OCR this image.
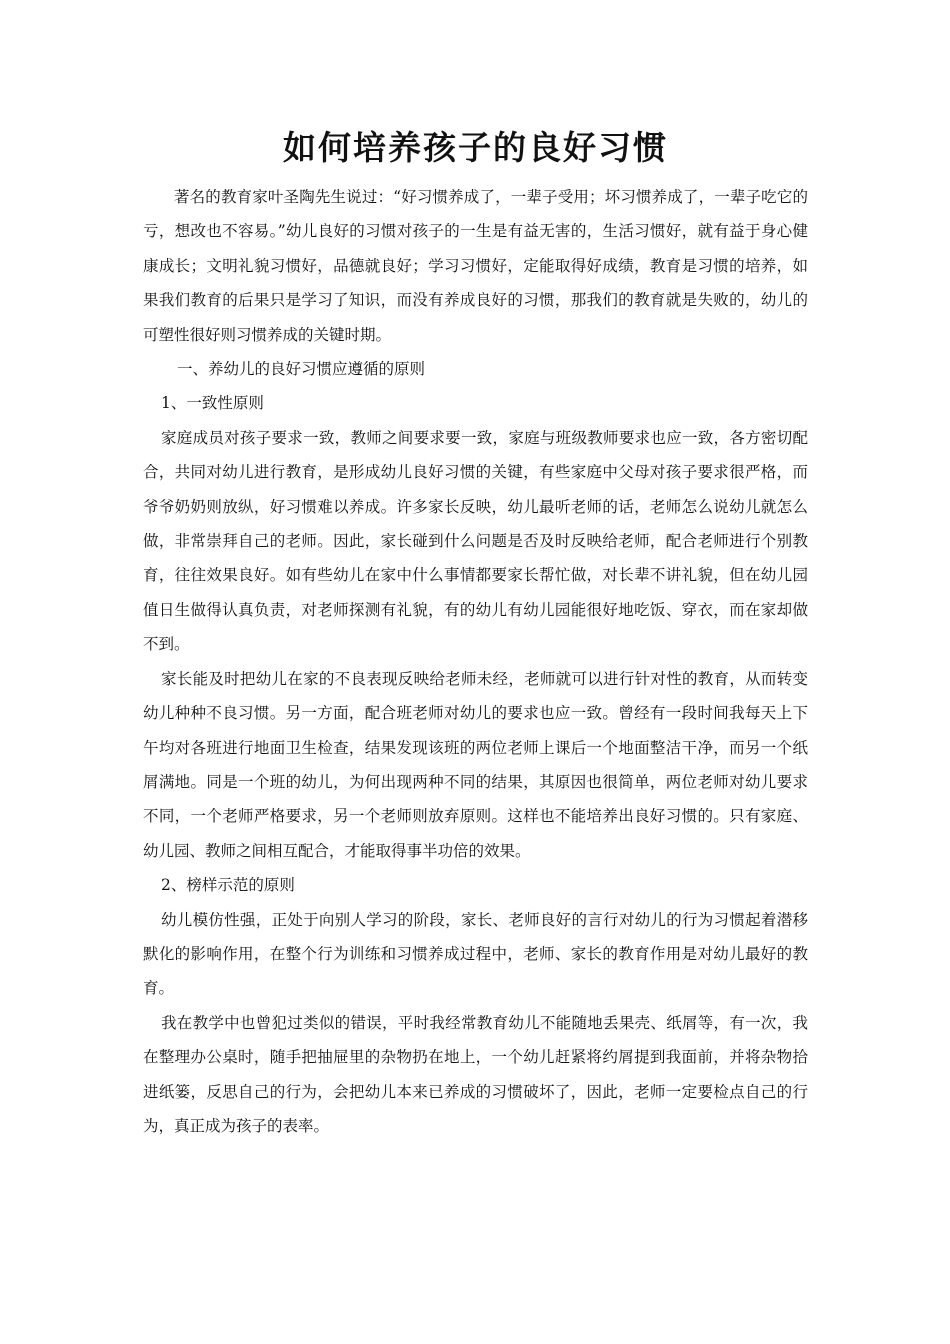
如何培养孩子的良好习惯

著名的教育家叶圣陶先生说过：“好习惯养成了，一辈子受用；坏习惯养成了，一辈子吃它的亏，想改也不容易。”幼儿良好的习惯对孩子的一生是有益无害的，生活习惯好，就有益于身心健康成长；文明礼貌习惯好，品德就良好；学习习惯好，定能取得好成绩，教育是习惯的培养，如果我们教育的后果只是学习了知识，而没有养成良好的习惯，那我们的教育就是失败的，幼儿的可塑性很好则习惯养成的关键时期。

一、养幼儿的良好习惯应遵循的原则

1、一致性原则

家庭成员对孩子要求一致，教师之间要求要一致，家庭与班级教师要求也应一致，各方密切配合，共同对幼儿进行教育，是形成幼儿良好习惯的关键，有些家庭中父母对孩子要求很严格，而爷爷奶奶则放纵，好习惯难以养成。许多家长反映，幼儿最听老师的话，老师怎么说幼儿就怎么做，非常崇拜自己的老师。因此，家长碰到什么问题是否及时反映给老师，配合老师进行个别教育，往往效果良好。如有些幼儿在家中什么事情都要家长帮忙做，对长辈不讲礼貌，但在幼儿园值日生做得认真负责，对老师探测有礼貌，有的幼儿有幼儿园能很好地吃饭、穿衣，而在家却做不到。

家长能及时把幼儿在家的不良表现反映给老师未经，老师就可以进行针对性的教育，从而转变幼儿种种不良习惯。另一方面，配合班老师对幼儿的要求也应一致。曾经有一段时间我每天上下午均对各班进行地面卫生检查，结果发现该班的两位老师上课后一个地面整洁干净，而另一个纸屑满地。同是一个班的幼儿，为何出现两种不同的结果，其原因也很简单，两位老师对幼儿要求不同，一个老师严格要求，另一个老师则放弃原则。这样也不能培养出良好习惯的。只有家庭、幼儿园、教师之间相互配合，才能取得事半功倍的效果。

2、榜样示范的原则

幼儿模仿性强，正处于向别人学习的阶段，家长、老师良好的言行对幼儿的行为习惯起着潜移默化的影响作用，在整个行为训练和习惯养成过程中，老师、家长的教育作用是对幼儿最好的教育。

我在教学中也曾犯过类似的错误，平时我经常教育幼儿不能随地丢果壳、纸屑等，有一次，我在整理办公桌时，随手把抽屉里的杂物扔在地上，一个幼儿赶紧将约屑提到我面前，并将杂物拾进纸篓，反思自己的行为，会把幼儿本来已养成的习惯破坏了，因此，老师一定要检点自己的行为，真正成为孩子的表率。
